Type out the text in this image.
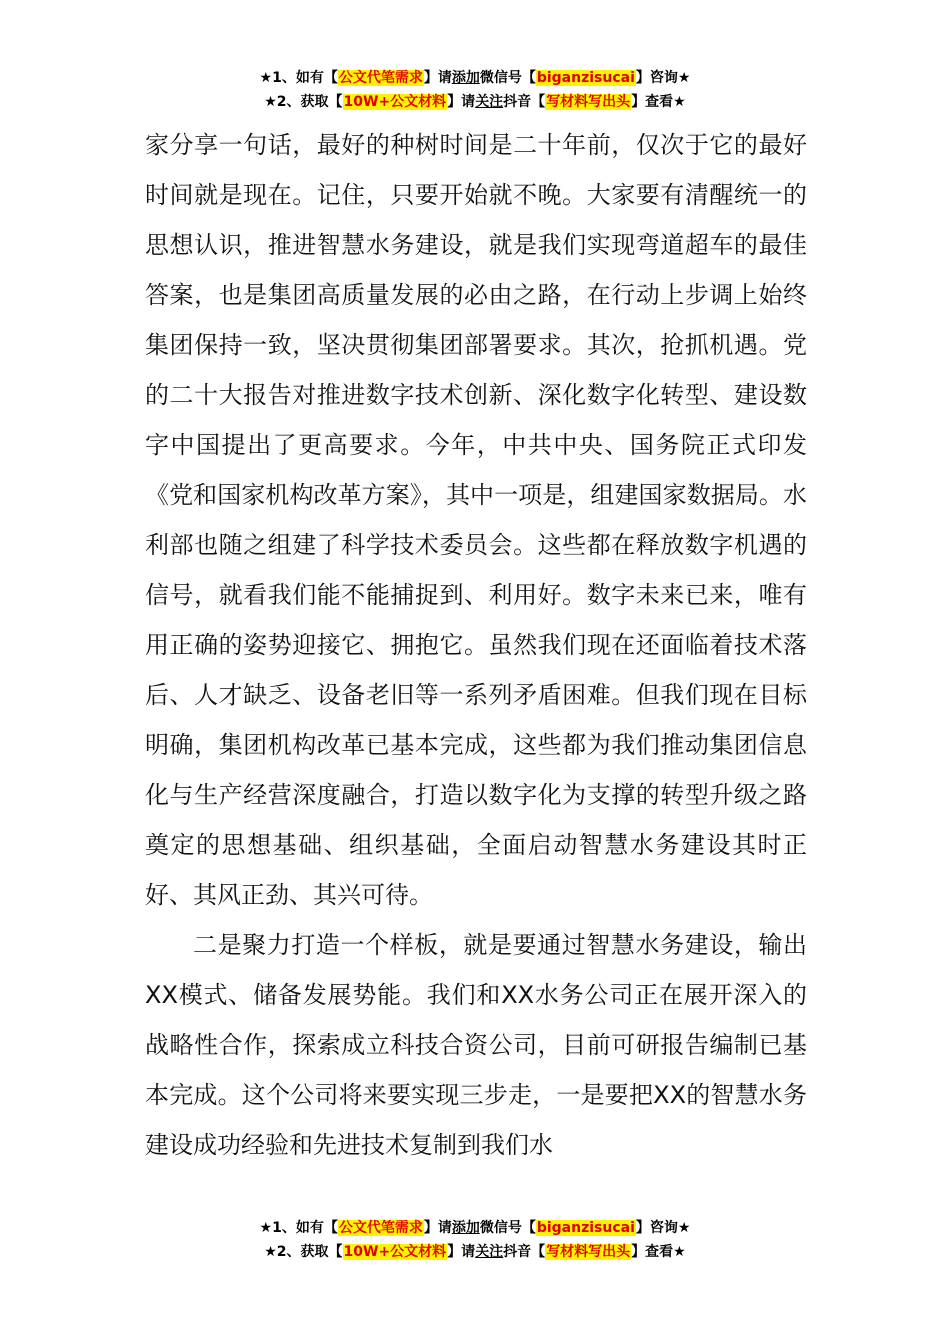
★1、如有【公文代笔需求】请添加微信号【biganzisucai】咨询★
★2、获取【10W+公文材料】请关注抖音【写材料写出头】查看★

家分享一句话，最好的种树时间是二十年前，仅次于它的最好时间就是现在。记住，只要开始就不晚。大家要有清醒统一的思想认识，推进智慧水务建设，就是我们实现弯道超车的最佳答案，也是集团高质量发展的必由之路，在行动上步调上始终集团保持一致，坚决贯彻集团部署要求。其次，抢抓机遇。党的二十大报告对推进数字技术创新、深化数字化转型、建设数字中国提出了更高要求。今年，中共中央、国务院正式印发《党和国家机构改革方案》，其中一项是，组建国家数据局。水利部也随之组建了科学技术委员会。这些都在释放数字机遇的信号，就看我们能不能捕捉到、利用好。数字未来已来，唯有用正确的姿势迎接它、拥抱它。虽然我们现在还面临着技术落后、人才缺乏、设备老旧等一系列矛盾困难。但我们现在目标明确，集团机构改革已基本完成，这些都为我们推动集团信息化与生产经营深度融合，打造以数字化为支撑的转型升级之路奠定的思想基础、组织基础，全面启动智慧水务建设其时正好、其风正劲、其兴可待。

二是聚力打造一个样板，就是要通过智慧水务建设，输出XX模式、储备发展势能。我们和XX水务公司正在展开深入的战略性合作，探索成立科技合资公司，目前可研报告编制已基本完成。这个公司将来要实现三步走，一是要把XX的智慧水务建设成功经验和先进技术复制到我们水

★1、如有【公文代笔需求】请添加微信号【biganzisucai】咨询★
★2、获取【10W+公文材料】请关注抖音【写材料写出头】查看★
